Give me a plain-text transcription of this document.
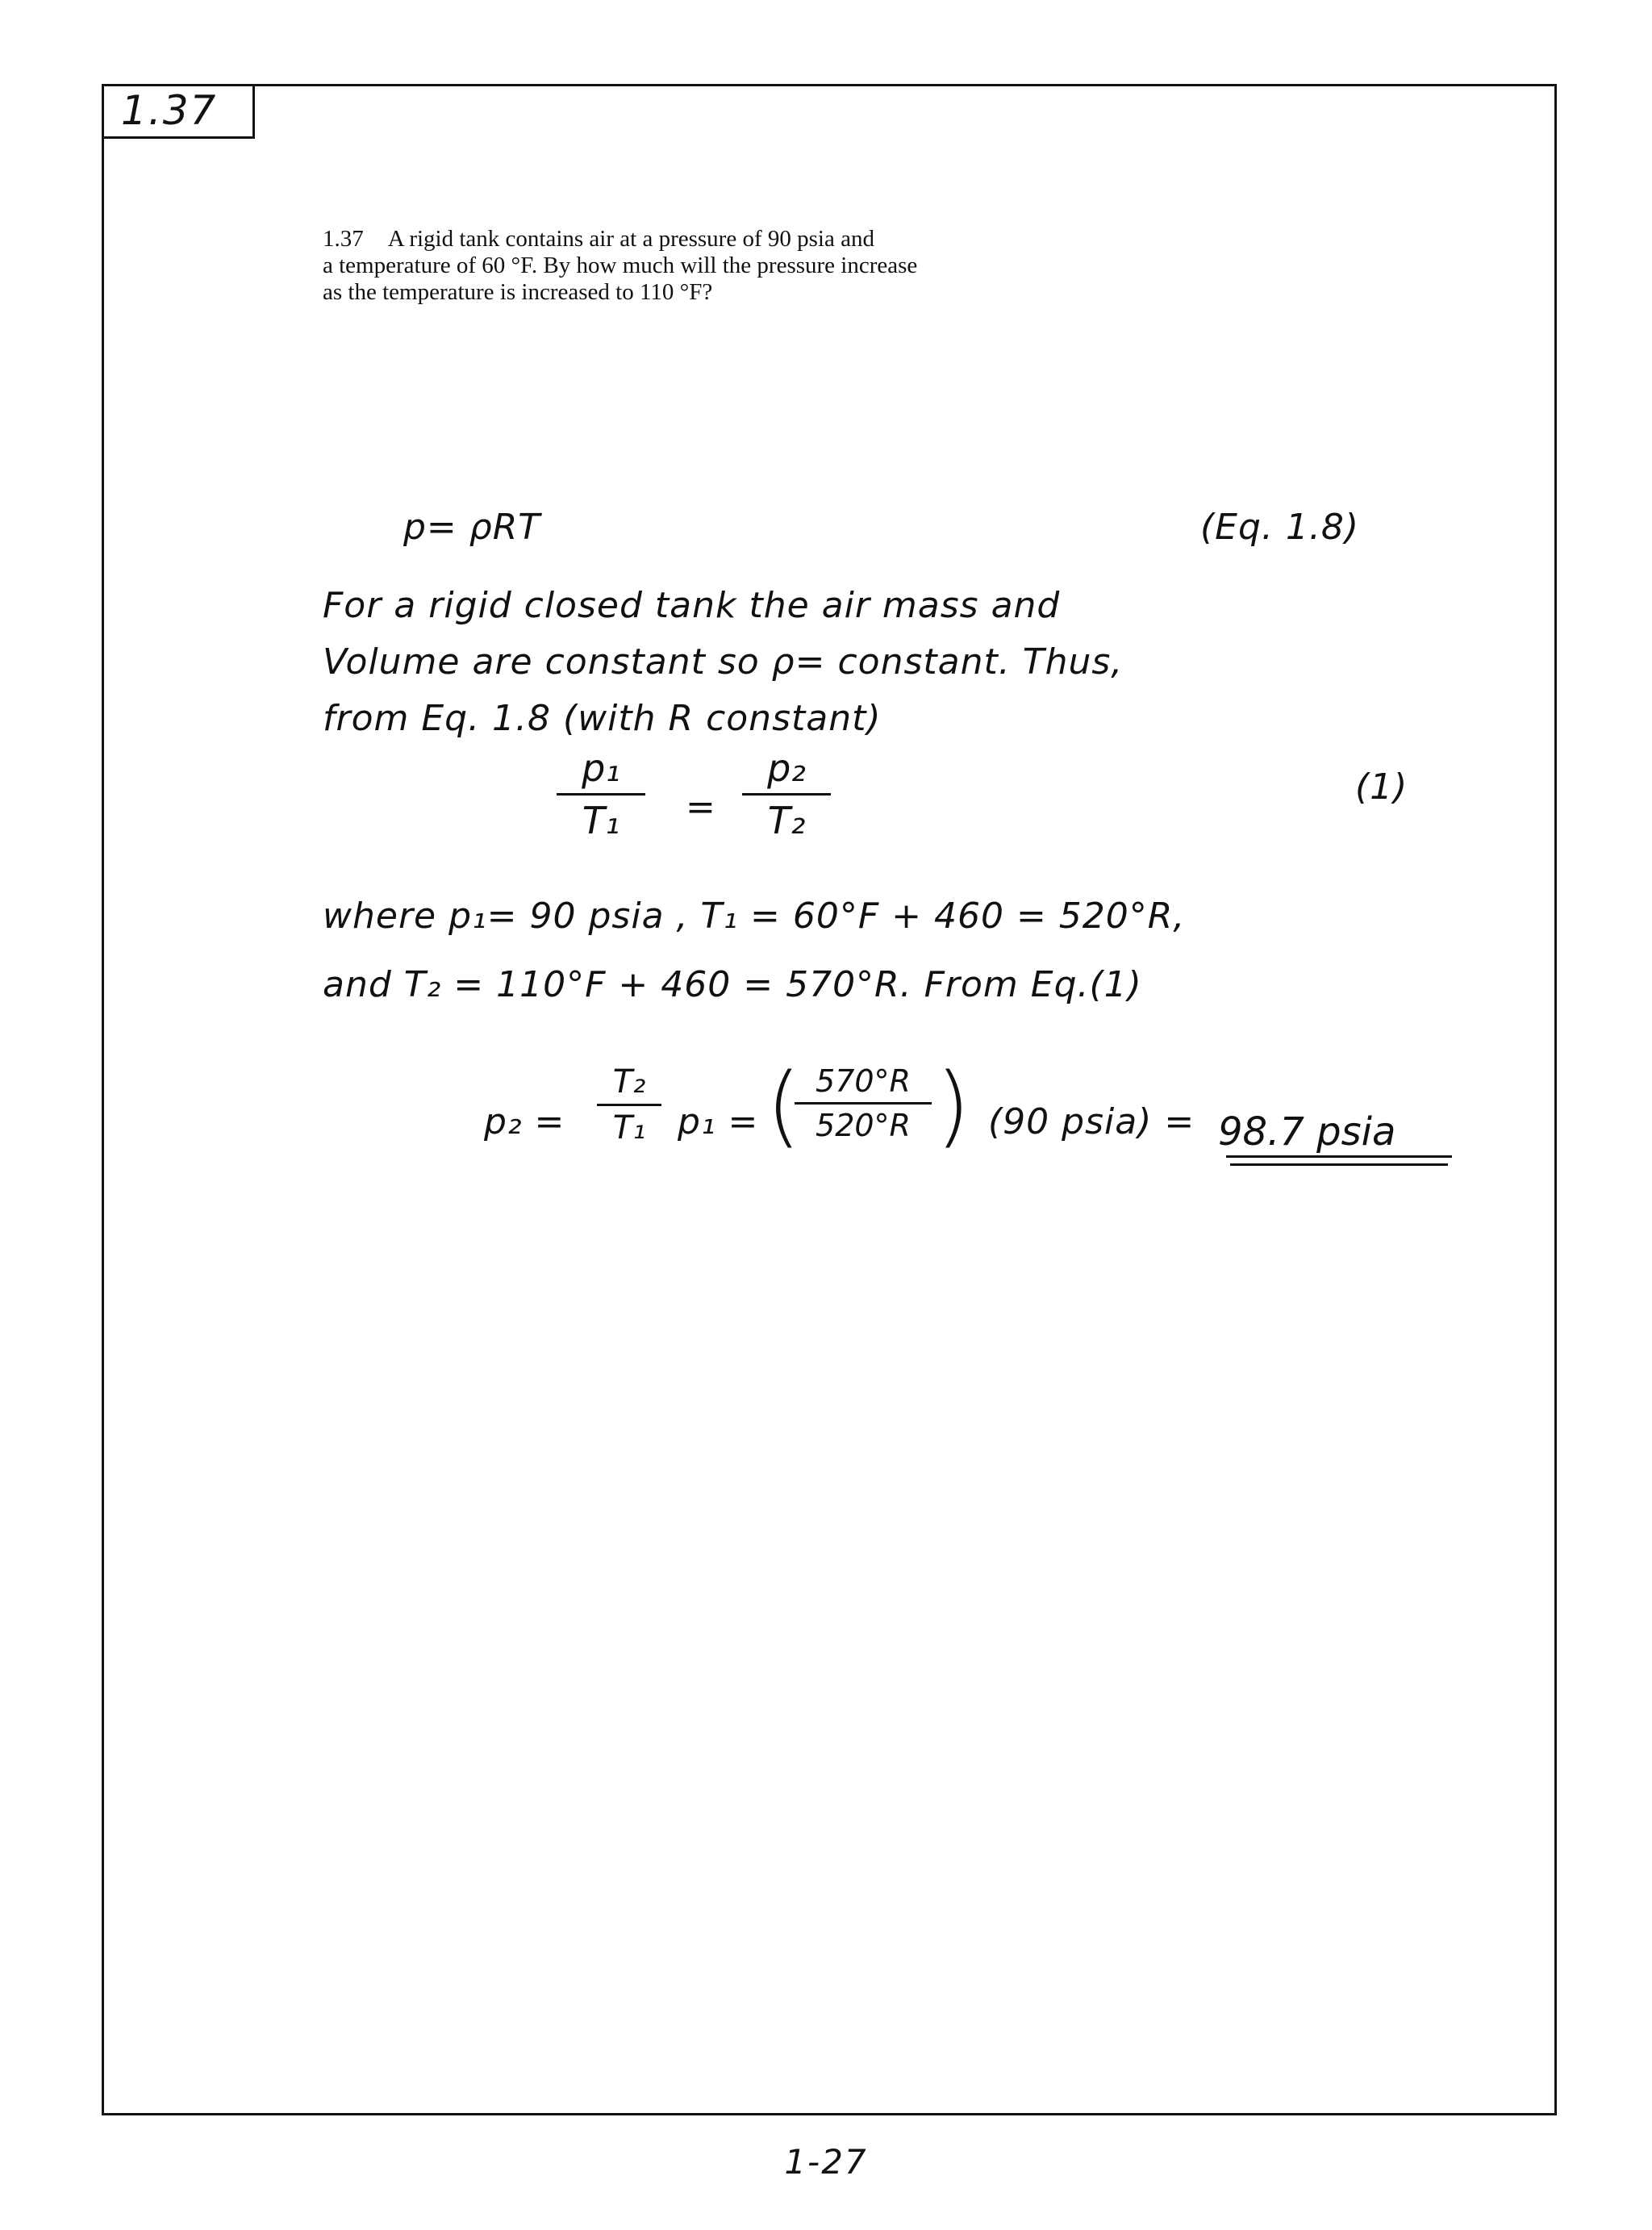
1.37
1.37 A rigid tank contains air at a pressure of 90 psia and
a temperature of 60 °F. By how much will the pressure increase
as the temperature is increased to 110 °F?
p= ρRT	(Eq. 1.8)
For a rigid closed tank the air mass and
Volume are constant so ρ= constant. Thus,
from Eq. 1.8 (with R constant)
p₁
T₁	=
p₂
T₂
(1)
where p₁= 90 psia , T₁ = 60°F + 460 = 520°R,
and T₂ = 110°F + 460 = 570°R. From Eq.(1)
p₂ =
T₂
T₁ p₁ = ( 570°R
520°R ) (90 psia) = 98.7 psia
1-27
